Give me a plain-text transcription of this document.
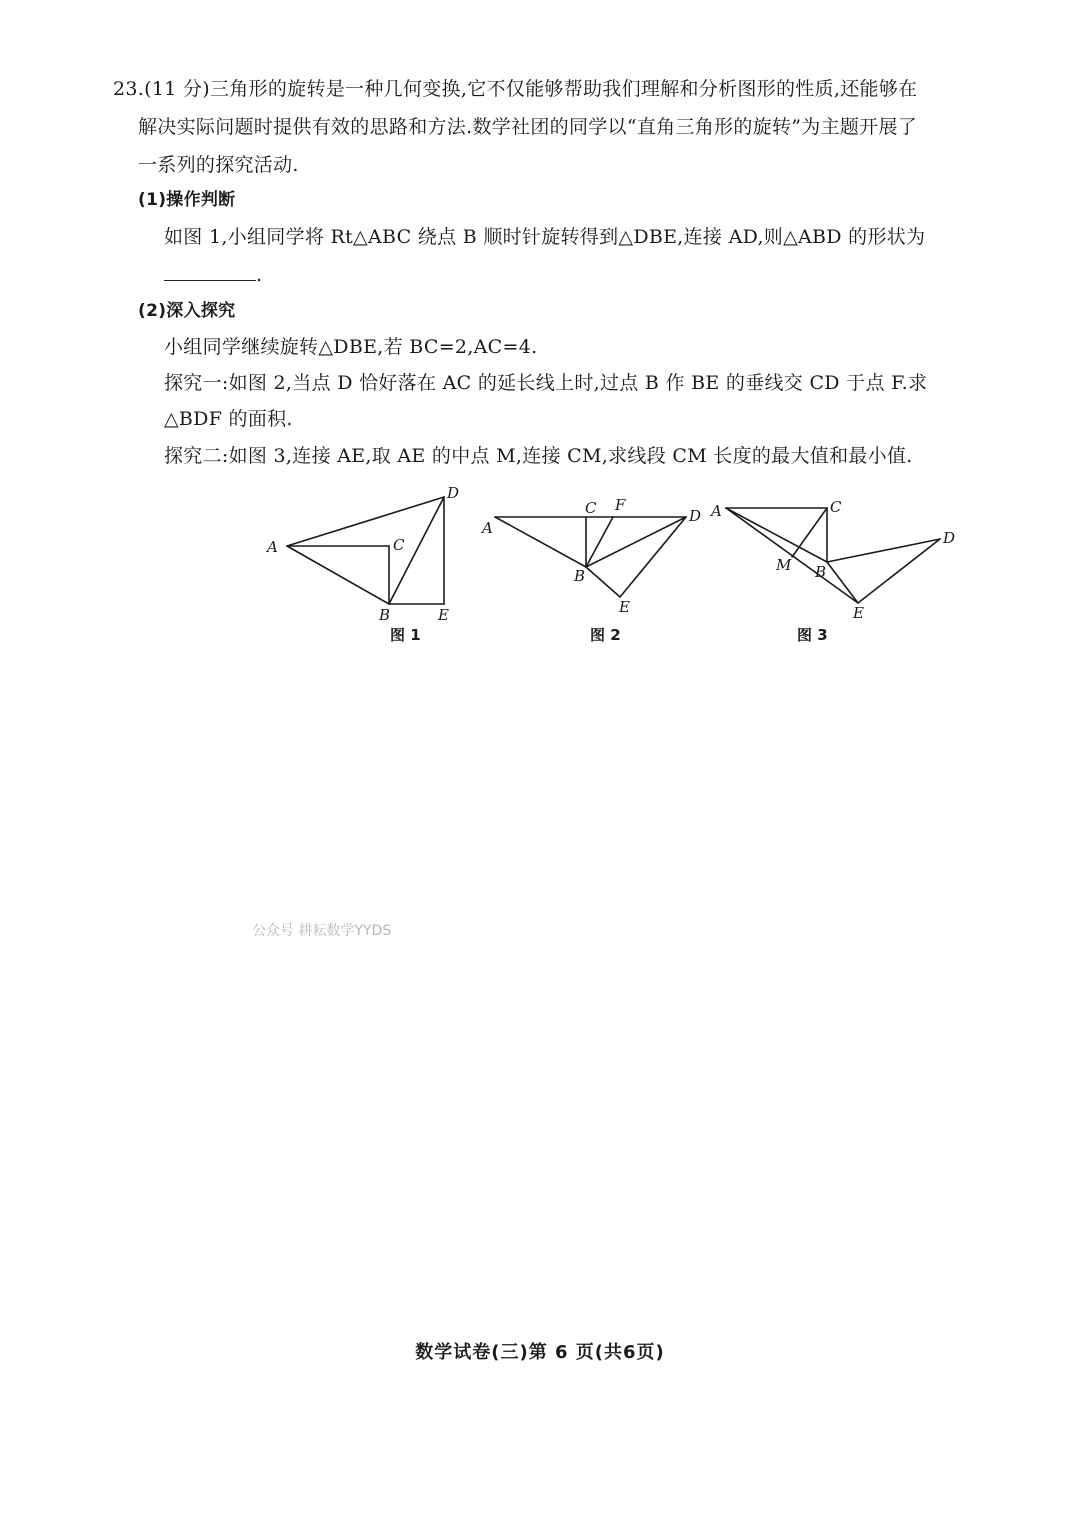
23.(11 分)三角形的旋转是一种几何变换,它不仅能够帮助我们理解和分析图形的性质,还能够在
解决实际问题时提供有效的思路和方法.数学社团的同学以“直角三角形的旋转”为主题开展了
一系列的探究活动.
(1)操作判断
如图 1,小组同学将 Rt△ABC 绕点 B 顺时针旋转得到△DBE,连接 AD,则△ABD 的形状为
.
(2)深入探究
小组同学继续旋转△DBE,若 BC=2,AC=4.
探究一:如图 2,当点 D 恰好落在 AC 的延长线上时,过点 B 作 BE 的垂线交 CD 于点 F.求
△BDF 的面积.
探究二:如图 3,连接 AE,取 AE 的中点 M,连接 CM,求线段 CM 长度的最大值和最小值.
A	C
D
B	E
图 1
A
C F
D
B
E
图 2
A	C
D
M B
E
图 3
公众号 耕耘数学YYDS
数学试卷(三)第 6 页(共6页)
